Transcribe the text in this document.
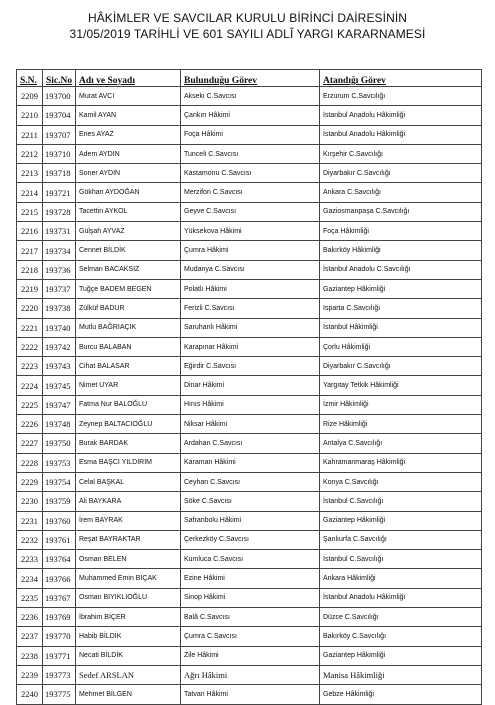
HÂKİMLER VE SAVCILAR KURULU BİRİNCİ DAİRESİNİN
31/05/2019 TARİHLİ VE 601 SAYILI ADLÎ YARGI KARARNAMESİ
S.N.	Sic.No	Adı ve Soyadı	Bulunduğu Görev	Atandığı Görev
2209	193700	Murat AVCI	Akseki C.Savcısı	Erzurum C.Savcılığı
2210	193704	Kamil AYAN	Çankırı Hâkimi	İstanbul Anadolu Hâkimliği
2211	193707	Enes AYAZ	Foça Hâkimi	İstanbul Anadolu Hâkimliği
2212	193710	Adem AYDIN	Tunceli C.Savcısı	Kırşehir C.Savcılığı
2213	193718	Soner AYDIN	Kastamonu C.Savcısı	Diyarbakır C.Savcılığı
2214	193721	Gökhan AYDOĞAN	Merzifon C.Savcısı	Ankara C.Savcılığı
2215	193728	Tacettin AYKOL	Geyve C.Savcısı	Gaziosmanpaşa C.Savcılığı
2216	193731	Gülşah AYVAZ	Yüksekova Hâkimi	Foça Hâkimliği
2217	193734	Cennet BİLDİK	Çumra Hâkimi	Bakırköy Hâkimliği
2218	193736	Selman BACAKSIZ	Mudanya C.Savcısı	İstanbul Anadolu C.Savcılığı
2219	193737	Tuğçe BADEM BEGEN	Polatlı Hâkimi	Gaziantep Hâkimliği
2220	193738	Zülküf BADUR	Ferizli C.Savcısı	Isparta C.Savcılığı
2221	193740	Mutlu BAĞRIAÇIK	Saruhanlı Hâkimi	İstanbul Hâkimliği
2222	193742	Burcu BALABAN	Karapınar Hâkimi	Çorlu Hâkimliği
2223	193743	Cihat BALASAR	Eğirdir C.Savcısı	Diyarbakır C.Savcılığı
2224	193745	Nimet UYAR	Dinar Hâkimi	Yargıtay Tetkik Hâkimliği
2225	193747	Fatma Nur BALOĞLU	Hınıs Hâkimi	İzmir Hâkimliği
2226	193748	Zeynep BALTACIOĞLU	Niksar Hâkimi	Rize Hâkimliği
2227	193750	Burak BARDAK	Ardahan C.Savcısı	Antalya C.Savcılığı
2228	193753	Esma BAŞCI YILDIRIM	Karaman Hâkimi	Kahramanmaraş Hâkimliği
2229	193754	Celal BAŞKAL	Ceyhan C.Savcısı	Konya C.Savcılığı
2230	193759	Ali BAYKARA	Söke C.Savcısı	İstanbul C.Savcılığı
2231	193760	İrem BAYRAK	Safranbolu Hâkimi	Gaziantep Hâkimliği
2232	193761	Reşat BAYRAKTAR	Çerkezköy C.Savcısı	Şanlıurfa C.Savcılığı
2233	193764	Osman BELEN	Kumluca C.Savcısı	İstanbul C.Savcılığı
2234	193766	Muhammed Emin BIÇAK	Ezine Hâkimi	Ankara Hâkimliği
2235	193767	Osman BIYIKLIOĞLU	Sinop Hâkimi	İstanbul Anadolu Hâkimliği
2236	193769	İbrahim BİÇER	Balâ C.Savcısı	Düzce C.Savcılığı
2237	193770	Habib BİLDİK	Çumra C.Savcısı	Bakırköy C.Savcılığı
2238	193771	Necati BİLDİK	Zile Hâkimi	Gaziantep Hâkimliği
2239	193773	Sedef ARSLAN	Ağrı Hâkimi	Manisa Hâkimliği
2240	193775	Mehmet BİLGEN	Tatvan Hâkimi	Gebze Hâkimliği
